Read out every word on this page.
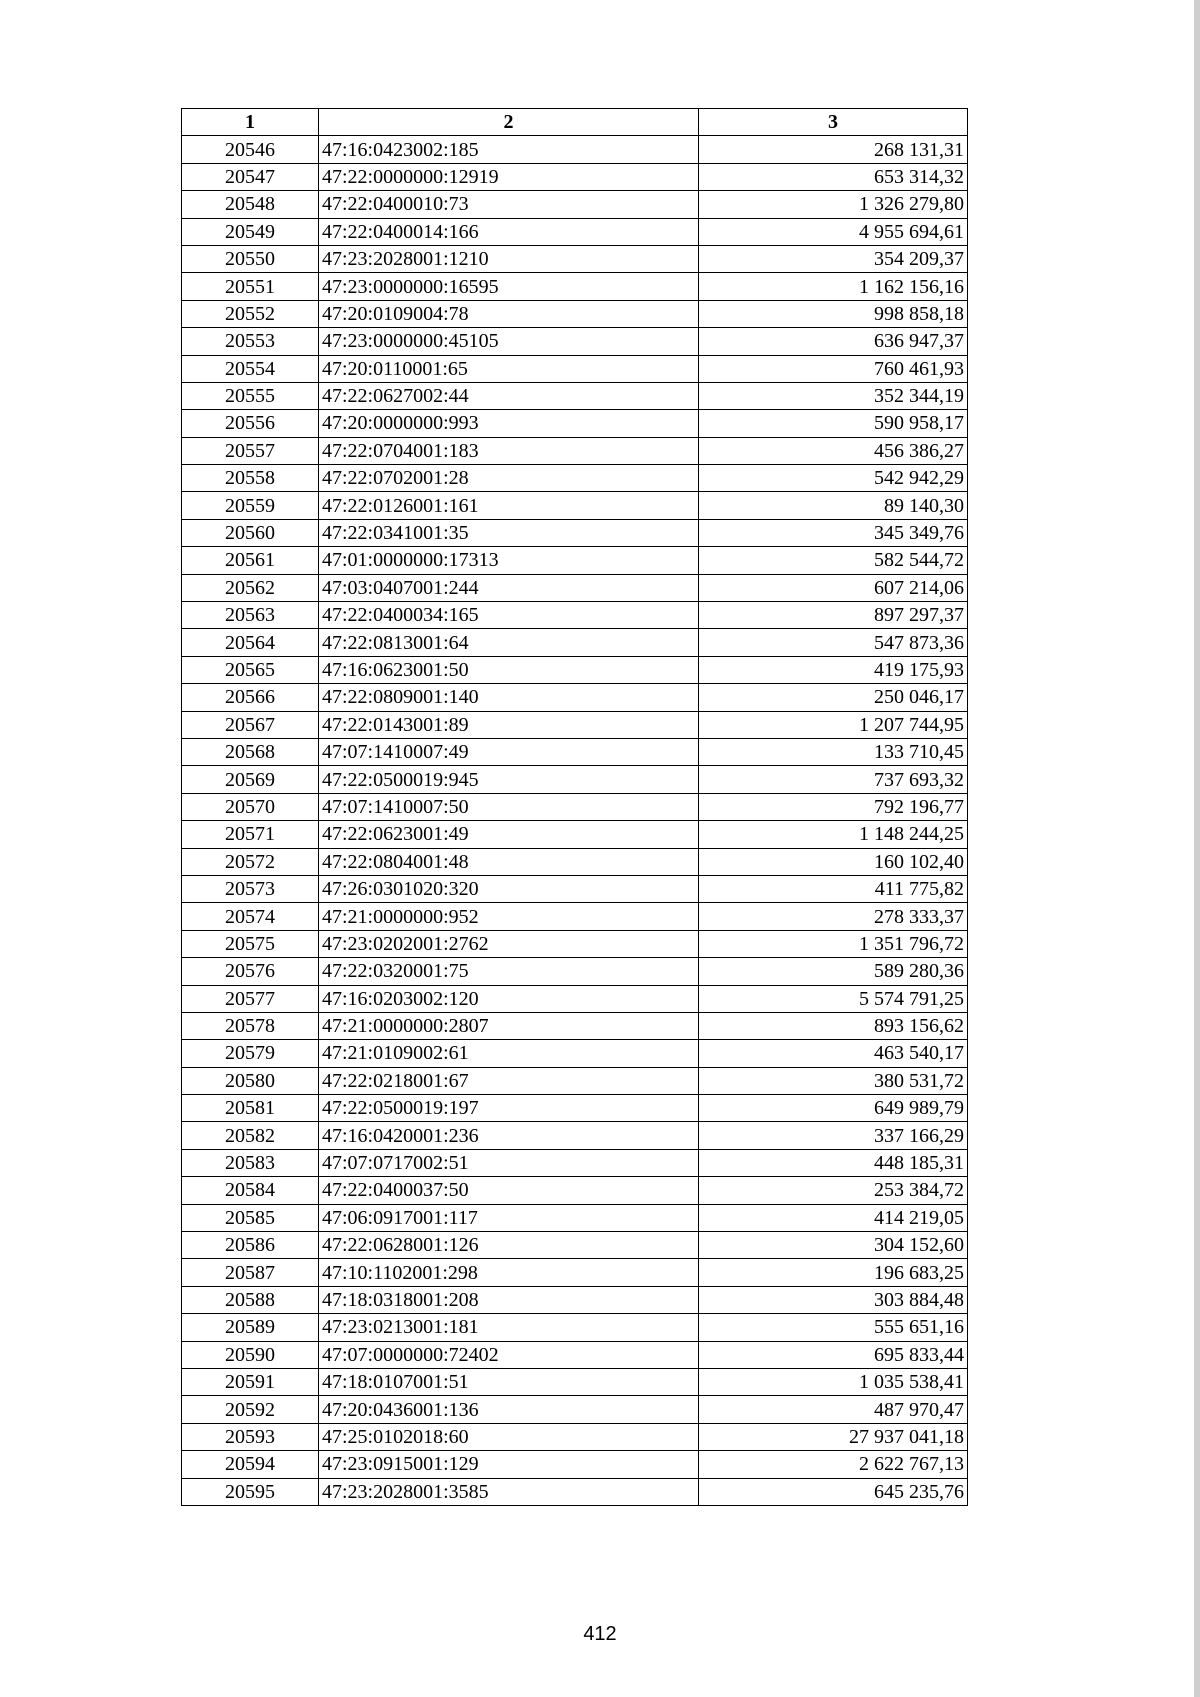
1	2	3
20546	47:16:0423002:185	268 131,31
20547	47:22:0000000:12919	653 314,32
20548	47:22:0400010:73	1 326 279,80
20549	47:22:0400014:166	4 955 694,61
20550	47:23:2028001:1210	354 209,37
20551	47:23:0000000:16595	1 162 156,16
20552	47:20:0109004:78	998 858,18
20553	47:23:0000000:45105	636 947,37
20554	47:20:0110001:65	760 461,93
20555	47:22:0627002:44	352 344,19
20556	47:20:0000000:993	590 958,17
20557	47:22:0704001:183	456 386,27
20558	47:22:0702001:28	542 942,29
20559	47:22:0126001:161	89 140,30
20560	47:22:0341001:35	345 349,76
20561	47:01:0000000:17313	582 544,72
20562	47:03:0407001:244	607 214,06
20563	47:22:0400034:165	897 297,37
20564	47:22:0813001:64	547 873,36
20565	47:16:0623001:50	419 175,93
20566	47:22:0809001:140	250 046,17
20567	47:22:0143001:89	1 207 744,95
20568	47:07:1410007:49	133 710,45
20569	47:22:0500019:945	737 693,32
20570	47:07:1410007:50	792 196,77
20571	47:22:0623001:49	1 148 244,25
20572	47:22:0804001:48	160 102,40
20573	47:26:0301020:320	411 775,82
20574	47:21:0000000:952	278 333,37
20575	47:23:0202001:2762	1 351 796,72
20576	47:22:0320001:75	589 280,36
20577	47:16:0203002:120	5 574 791,25
20578	47:21:0000000:2807	893 156,62
20579	47:21:0109002:61	463 540,17
20580	47:22:0218001:67	380 531,72
20581	47:22:0500019:197	649 989,79
20582	47:16:0420001:236	337 166,29
20583	47:07:0717002:51	448 185,31
20584	47:22:0400037:50	253 384,72
20585	47:06:0917001:117	414 219,05
20586	47:22:0628001:126	304 152,60
20587	47:10:1102001:298	196 683,25
20588	47:18:0318001:208	303 884,48
20589	47:23:0213001:181	555 651,16
20590	47:07:0000000:72402	695 833,44
20591	47:18:0107001:51	1 035 538,41
20592	47:20:0436001:136	487 970,47
20593	47:25:0102018:60	27 937 041,18
20594	47:23:0915001:129	2 622 767,13
20595	47:23:2028001:3585	645 235,76
412
